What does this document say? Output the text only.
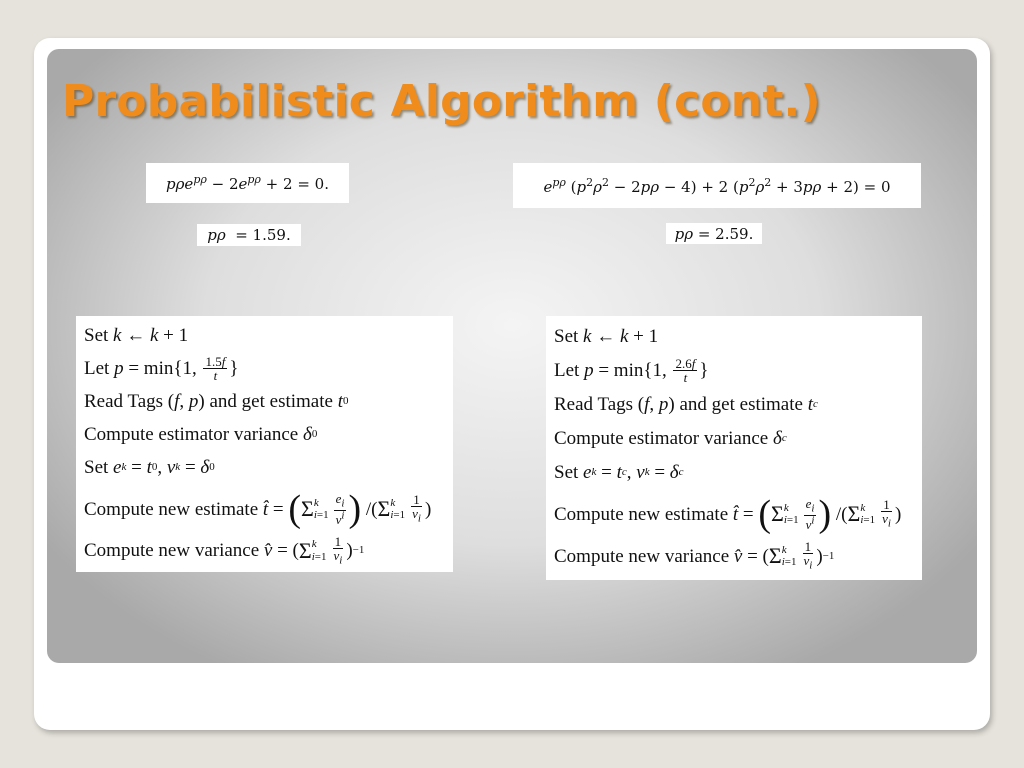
Probabilistic Algorithm (cont.)
$p\rho e^{p\rho} - 2e^{p\rho} + 2 = 0$.
pρ  = 1.59.
$e^{p\rho}$ $(p^2\rho^2 - 2p\rho - 4) + 2$ $(p^2\rho^2 + 3p\rho + 2) = 0$
pρ = 2.59.
Set k ← k + 1
Let p = min{1, $\frac{1.5f}{t}$ }
Read Tags ( f , p ) and get estimate t 0
Compute estimator variance δ 0
Set e k = t 0 , v k = δ 0
Compute new estimate t̂ = ( Σ k
$i=1 \frac{e_i}{v^i}$ ) /( Σ k
$i=1 \frac{1}{v_i}$ )
Compute new variance v̂ = ( Σ k
$i=1 \frac{1}{v_i}$ ) −1
Set k ← k + 1
Let p = min{1, $\frac{2.6f}{t}$ }
Read Tags ( f , p ) and get estimate t c
Compute estimator variance δ c
Set e k = t c , v k = δ c
Compute new estimate t̂ = ( Σ k
$i=1 \frac{e_i}{v^i}$ ) /( Σ k
$i=1 \frac{1}{v_i}$ )
Compute new variance v̂ = ( Σ k
$i=1 \frac{1}{v_i}$ ) −1
